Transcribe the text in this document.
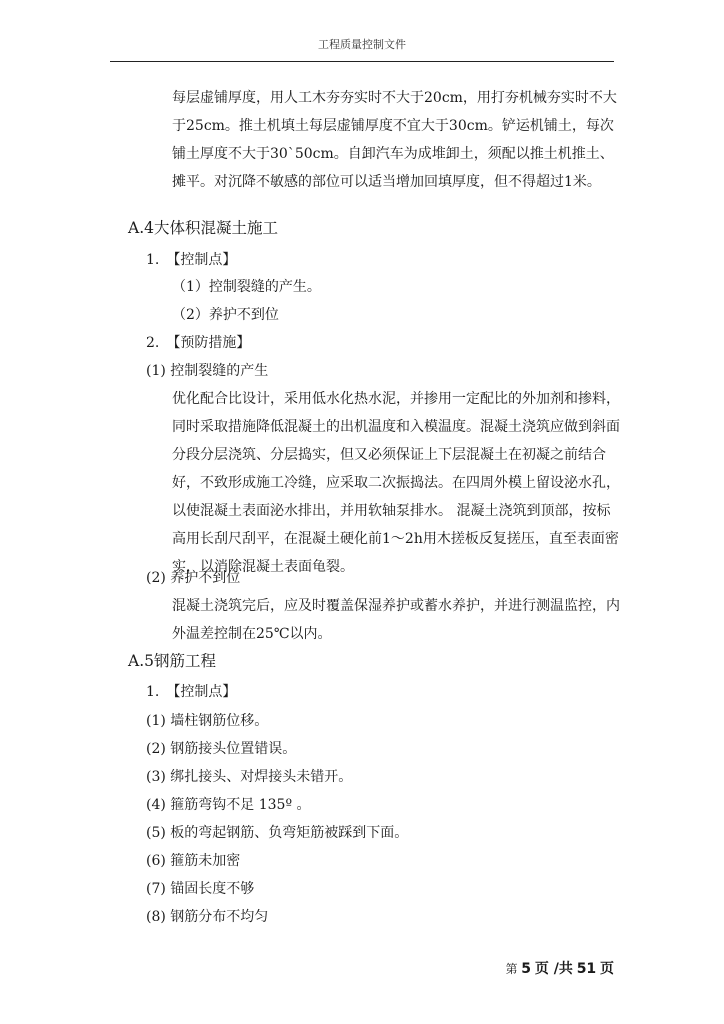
工程质量控制文件
每层虚铺厚度，用人工木夯夯实时不大于20cm，用打夯机械夯实时不大于25cm。推土机填土每层虚铺厚度不宜大于30cm。铲运机铺土，每次铺土厚度不大于30`50cm。自卸汽车为成堆卸土，须配以推土机推土、摊平。对沉降不敏感的部位可以适当增加回填厚度，但不得超过1米。
A.4大体积混凝土施工
1.　【控制点】
（1）控制裂缝的产生。
（2）养护不到位
2.　【预防措施】
(1) 控制裂缝的产生
优化配合比设计，采用低水化热水泥，并掺用一定配比的外加剂和掺料，同时采取措施降低混凝土的出机温度和入模温度。混凝土浇筑应做到斜面分段分层浇筑、分层捣实，但又必须保证上下层混凝土在初凝之前结合好，不致形成施工冷缝，应采取二次振捣法。在四周外模上留设泌水孔，以使混凝土表面泌水排出，并用软轴泵排水。 混凝土浇筑到顶部，按标高用长刮尺刮平，在混凝土硬化前1～2h用木搓板反复搓压，直至表面密实，以消除混凝土表面龟裂。
(2) 养护不到位
混凝土浇筑完后，应及时覆盖保湿养护或蓄水养护，并进行测温监控，内外温差控制在25℃以内。
A.5钢筋工程
1.　【控制点】
(1) 墙柱钢筋位移。
(2) 钢筋接头位置错误。
(3) 绑扎接头、对焊接头未错开。
(4) 箍筋弯钩不足 135º 。
(5) 板的弯起钢筋、负弯矩筋被踩到下面。
(6) 箍筋未加密
(7) 锚固长度不够
(8) 钢筋分布不均匀
第 5 页 /共 51 页
